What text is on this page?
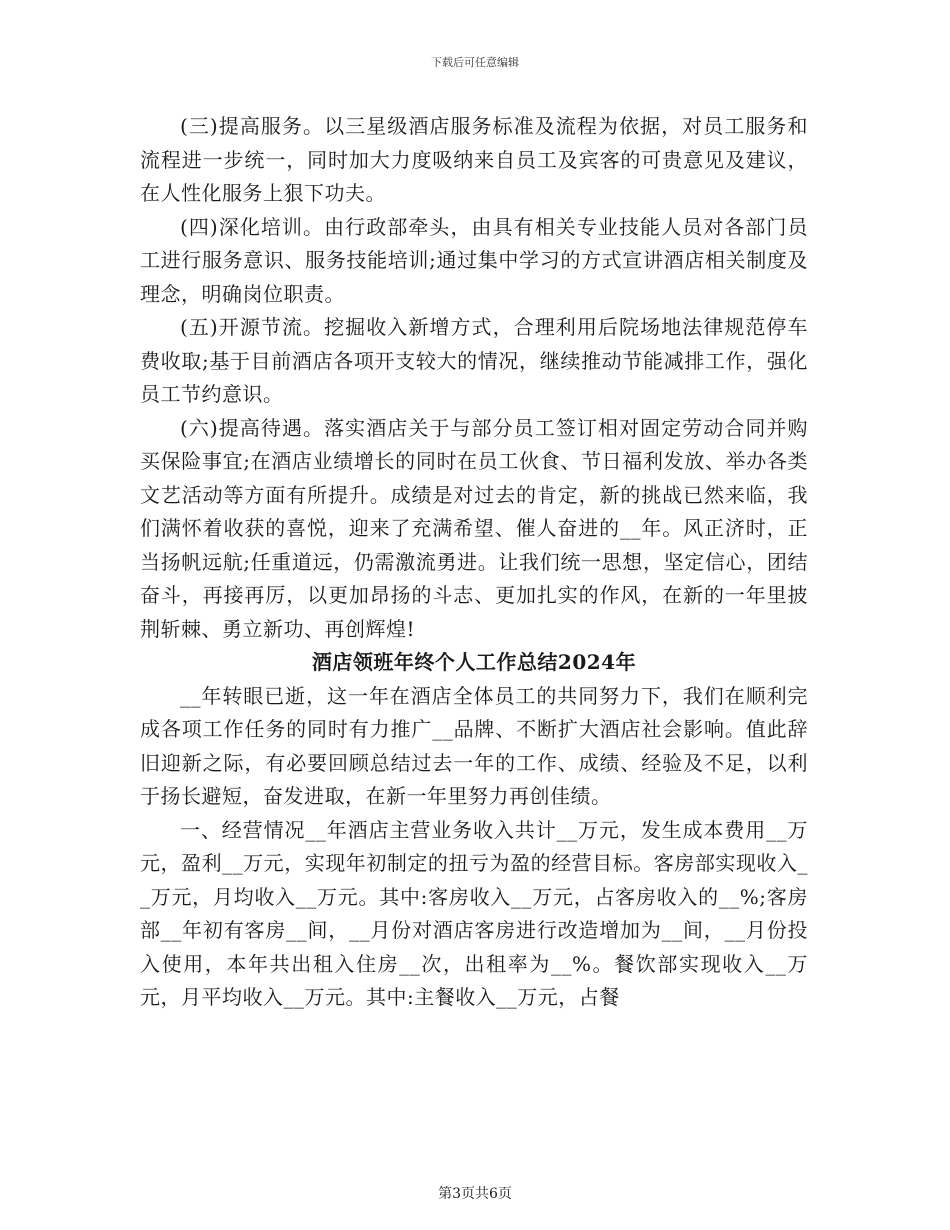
下载后可任意编辑

(三)提高服务。以三星级酒店服务标准及流程为依据，对员工服务和流程进一步统一，同时加大力度吸纳来自员工及宾客的可贵意见及建议，在人性化服务上狠下功夫。

(四)深化培训。由行政部牵头，由具有相关专业技能人员对各部门员工进行服务意识、服务技能培训;通过集中学习的方式宣讲酒店相关制度及理念，明确岗位职责。

(五)开源节流。挖掘收入新增方式，合理利用后院场地法律规范停车费收取;基于目前酒店各项开支较大的情况，继续推动节能减排工作，强化员工节约意识。

(六)提高待遇。落实酒店关于与部分员工签订相对固定劳动合同并购买保险事宜;在酒店业绩增长的同时在员工伙食、节日福利发放、举办各类文艺活动等方面有所提升。成绩是对过去的肯定，新的挑战已然来临，我们满怀着收获的喜悦，迎来了充满希望、催人奋进的__年。风正济时，正当扬帆远航;任重道远，仍需激流勇进。让我们统一思想，坚定信心，团结奋斗，再接再厉，以更加昂扬的斗志、更加扎实的作风，在新的一年里披荆斩棘、勇立新功、再创辉煌!

酒店领班年终个人工作总结2024年

__年转眼已逝，这一年在酒店全体员工的共同努力下，我们在顺利完成各项工作任务的同时有力推广__品牌、不断扩大酒店社会影响。值此辞旧迎新之际，有必要回顾总结过去一年的工作、成绩、经验及不足，以利于扬长避短，奋发进取，在新一年里努力再创佳绩。

一、经营情况__年酒店主营业务收入共计__万元，发生成本费用__万元，盈利__万元，实现年初制定的扭亏为盈的经营目标。客房部实现收入__万元，月均收入__万元。其中:客房收入__万元，占客房收入的__%;客房部__年初有客房__间，__月份对酒店客房进行改造增加为__间，__月份投入使用，本年共出租入住房__次，出租率为__%。餐饮部实现收入__万元，月平均收入__万元。其中:主餐收入__万元，占餐

第3页共6页
